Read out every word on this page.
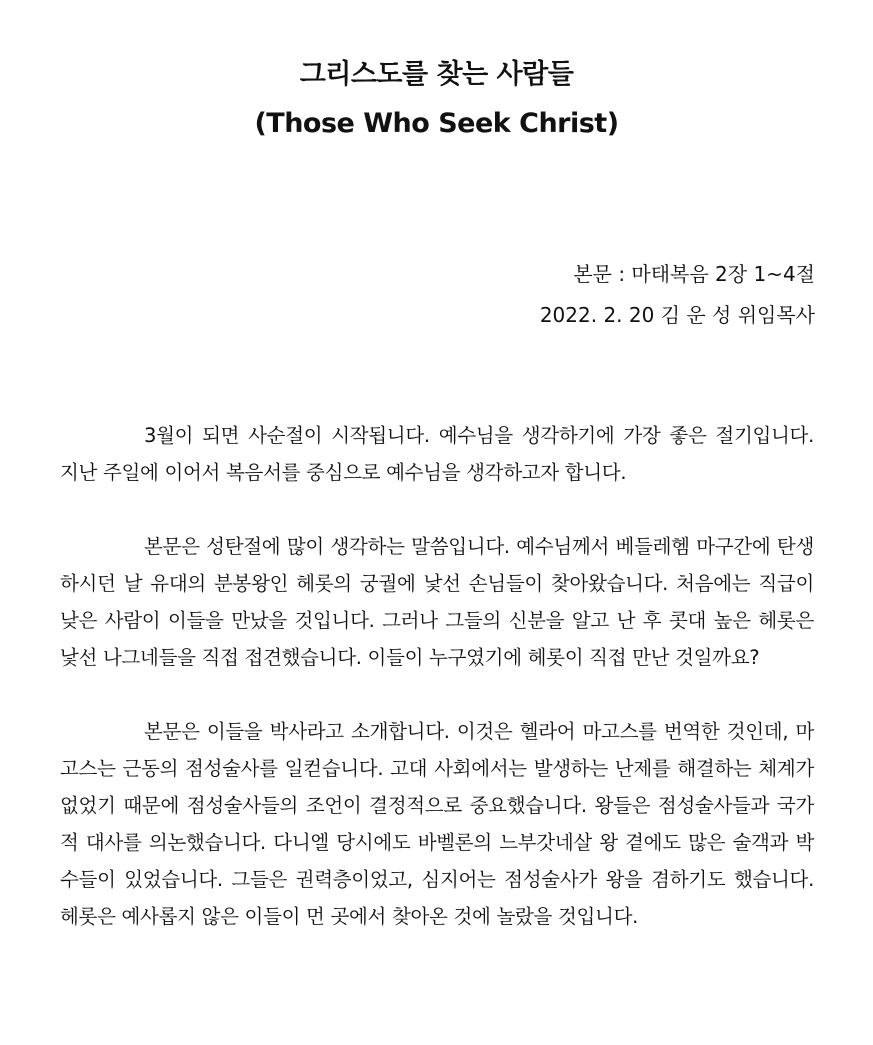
그리스도를 찾는 사람들
(Those Who Seek Christ)
본문 : 마태복음 2장 1~4절
2022. 2. 20 김 운 성 위임목사

3월이 되면 사순절이 시작됩니다. 예수님을 생각하기에 가장 좋은 절기입니다. 지난 주일에 이어서 복음서를 중심으로 예수님을 생각하고자 합니다.

본문은 성탄절에 많이 생각하는 말씀입니다. 예수님께서 베들레헴 마구간에 탄생하시던 날 유대의 분봉왕인 헤롯의 궁궐에 낯선 손님들이 찾아왔습니다. 처음에는 직급이 낮은 사람이 이들을 만났을 것입니다. 그러나 그들의 신분을 알고 난 후 콧대 높은 헤롯은 낯선 나그네들을 직접 접견했습니다. 이들이 누구였기에 헤롯이 직접 만난 것일까요?

본문은 이들을 박사라고 소개합니다. 이것은 헬라어 마고스를 번역한 것인데, 마고스는 근동의 점성술사를 일컫습니다. 고대 사회에서는 발생하는 난제를 해결하는 체계가 없었기 때문에 점성술사들의 조언이 결정적으로 중요했습니다. 왕들은 점성술사들과 국가적 대사를 의논했습니다. 다니엘 당시에도 바벨론의 느부갓네살 왕 곁에도 많은 술객과 박수들이 있었습니다. 그들은 권력층이었고, 심지어는 점성술사가 왕을 겸하기도 했습니다. 헤롯은 예사롭지 않은 이들이 먼 곳에서 찾아온 것에 놀랐을 것입니다.
